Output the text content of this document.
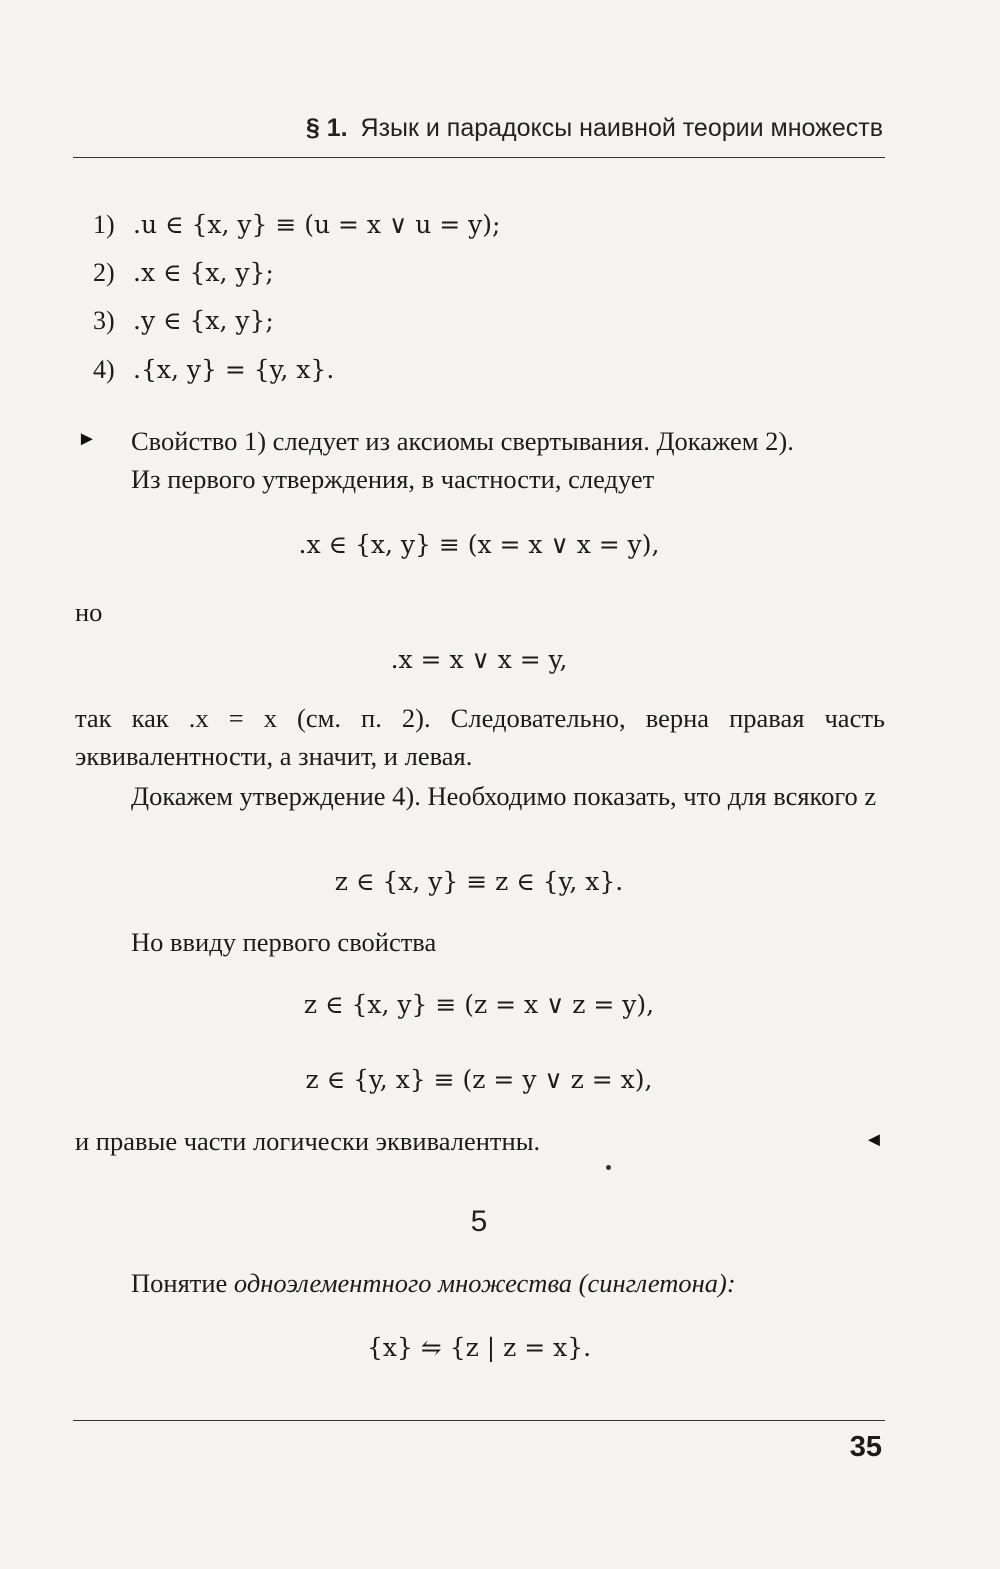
§ 1. Язык и парадоксы наивной теории множеств
1) .u ∈ {x, y} ≡ (u = x ∨ u = y);
2) .x ∈ {x, y};
3) .y ∈ {x, y};
4) .{x, y} = {y, x}.
► Свойство 1) следует из аксиомы свертывания. Докажем 2).
Из первого утверждения, в частности, следует
.x ∈ {x, y} ≡ (x = x ∨ x = y),
но
.x = x ∨ x = y,
так как .x = x (см. п. 2). Следовательно, верна правая часть эквивалентности, а значит, и левая.
Докажем утверждение 4). Необходимо показать, что для всякого z
z ∈ {x, y} ≡ z ∈ {y, x}.
Но ввиду первого свойства
z ∈ {x, y} ≡ (z = x ∨ z = y),
z ∈ {y, x} ≡ (z = y ∨ z = x),
и правые части логически эквивалентны.	◄
5
Понятие одноэлементного множества (синглетона):
{x} ⇋ {z | z = x}.
35
